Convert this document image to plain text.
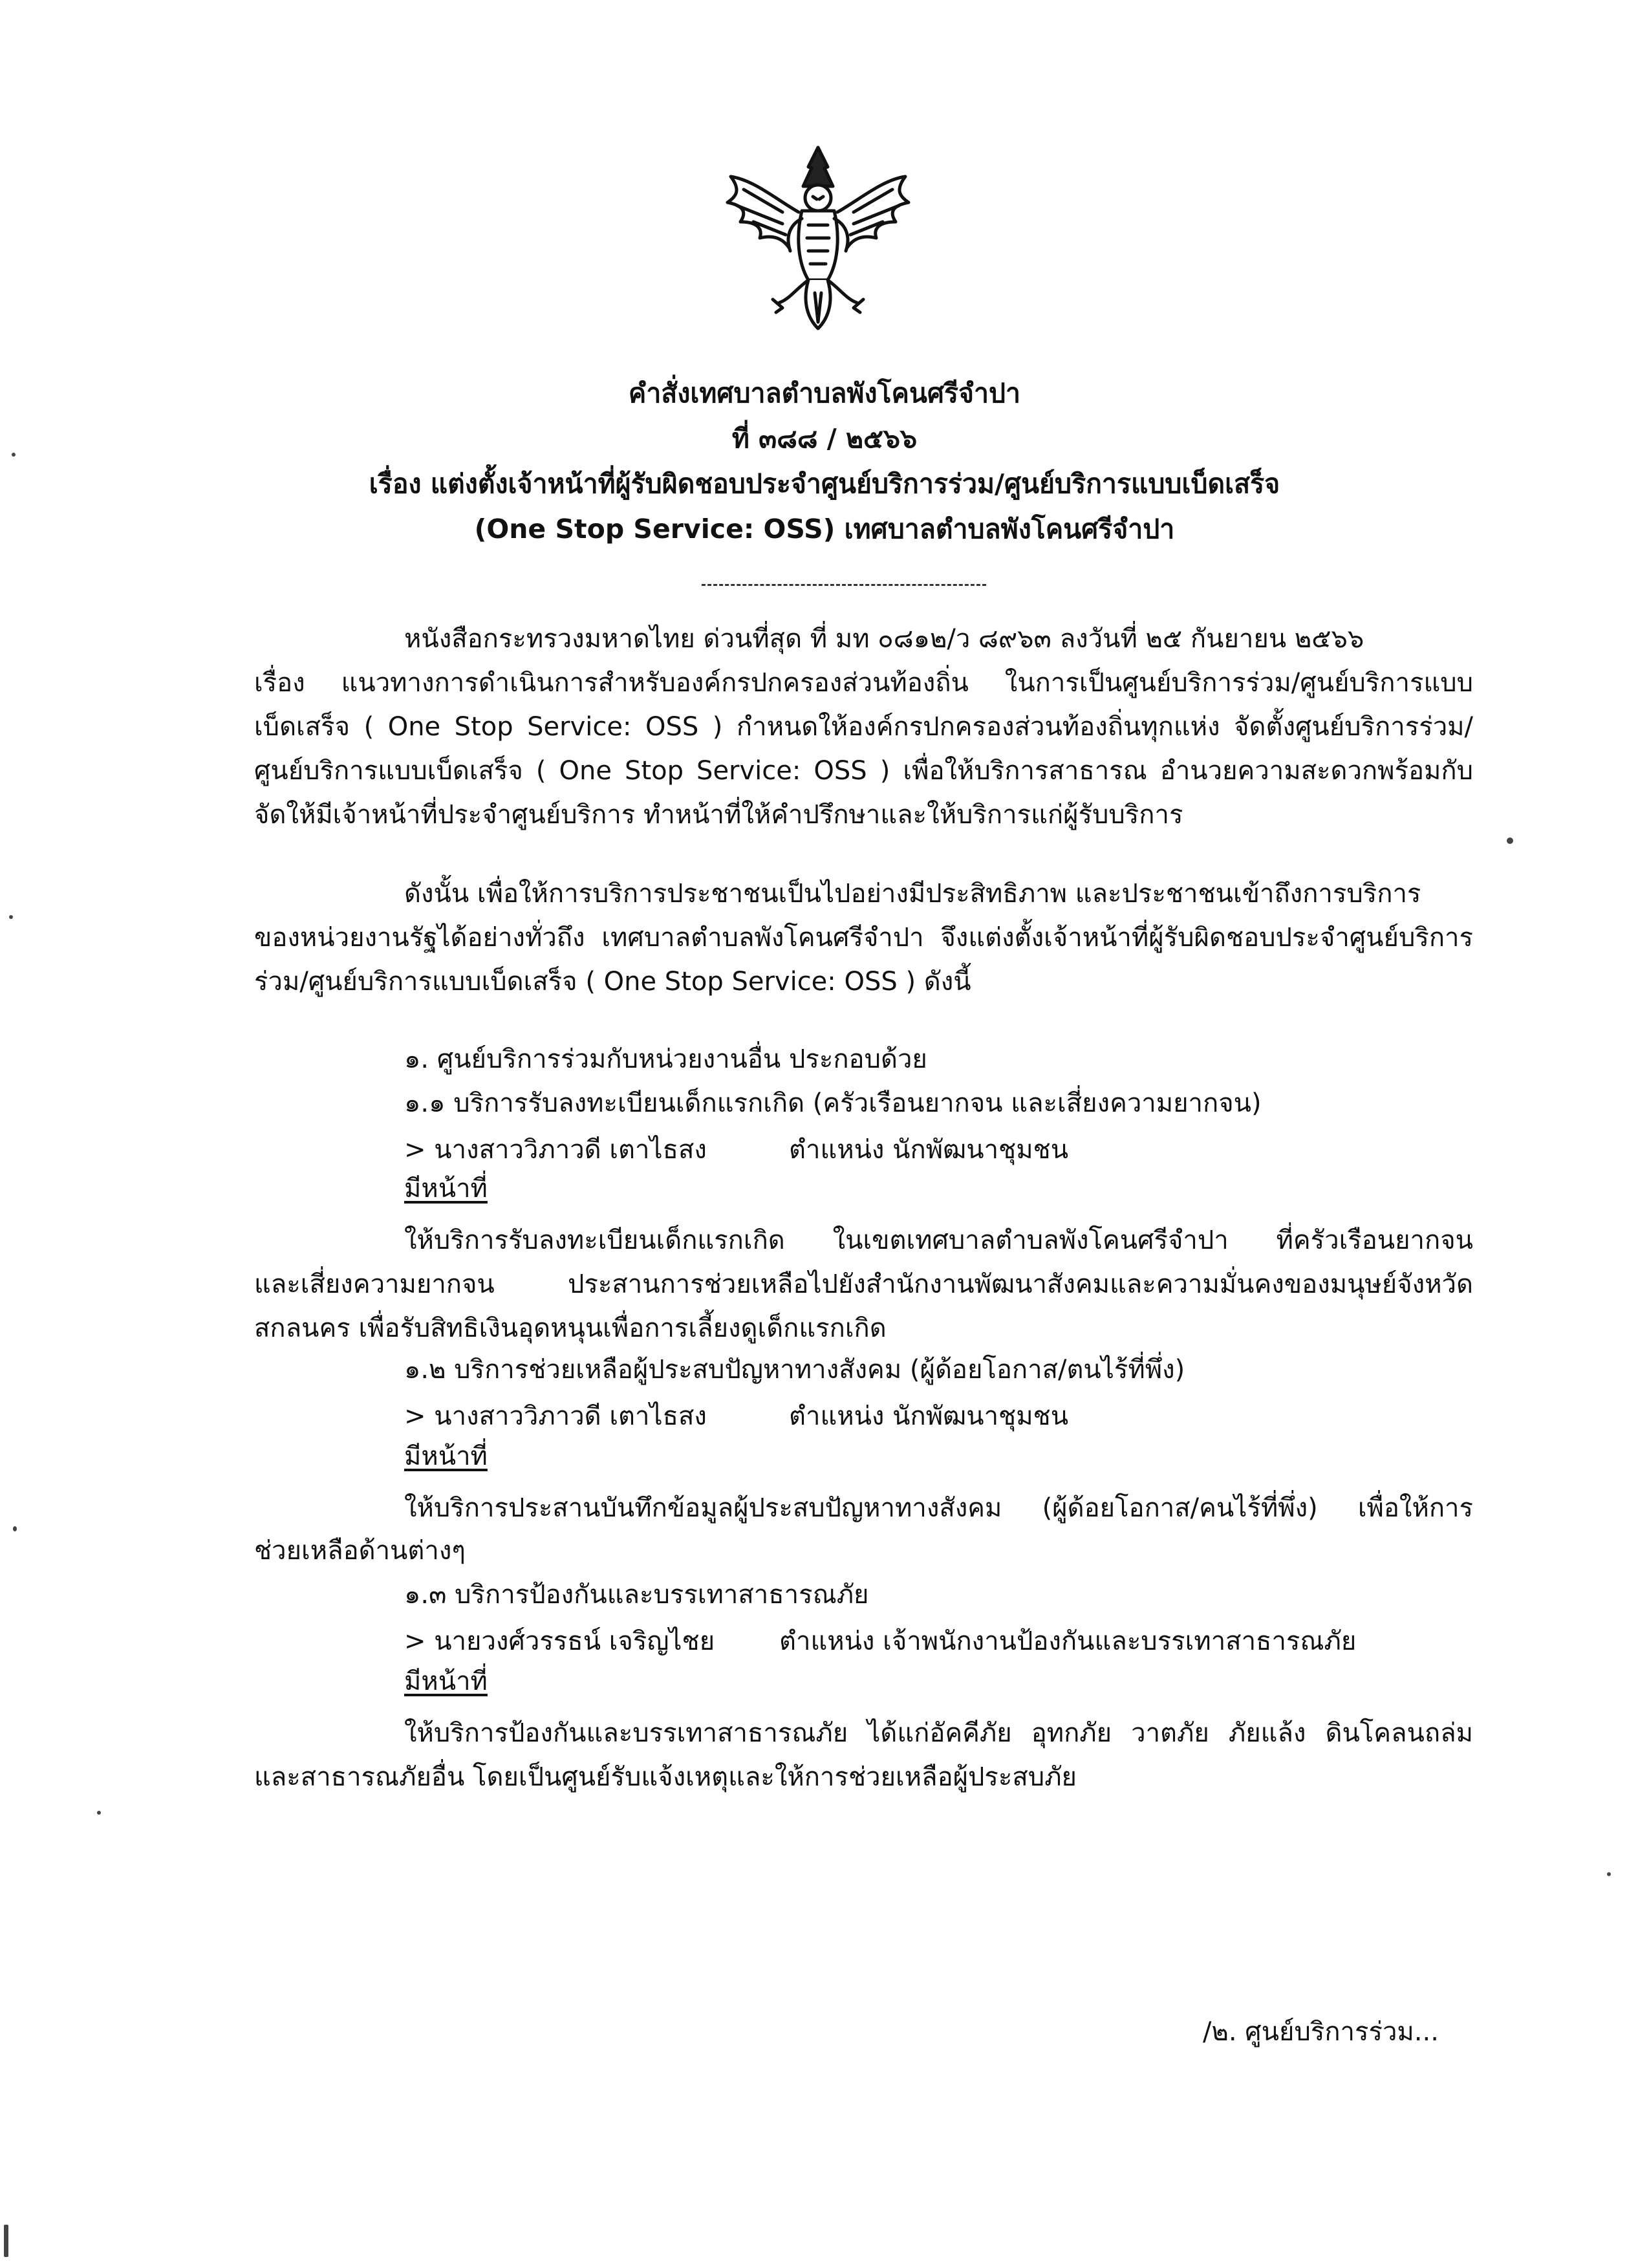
คำสั่งเทศบาลตำบลพังโคนศรีจำปา
ที่ ๓๘๘ / ๒๕๖๖
เรื่อง แต่งตั้งเจ้าหน้าที่ผู้รับผิดชอบประจำศูนย์บริการร่วม/ศูนย์บริการแบบเบ็ดเสร็จ
(One Stop Service: OSS) เทศบาลตำบลพังโคนศรีจำปา
หนังสือกระทรวงมหาดไทย ด่วนที่สุด ที่ มท ๐๘๑๒/ว ๘๙๖๓ ลงวันที่ ๒๕ กันยายน ๒๕๖๖
เรื่อง แนวทางการดำเนินการสำหรับองค์กรปกครองส่วนท้องถิ่น ในการเป็นศูนย์บริการร่วม/ศูนย์บริการแบบ
เบ็ดเสร็จ ( One Stop Service: OSS ) กำหนดให้องค์กรปกครองส่วนท้องถิ่นทุกแห่ง จัดตั้งศูนย์บริการร่วม/
ศูนย์บริการแบบเบ็ดเสร็จ ( One Stop Service: OSS ) เพื่อให้บริการสาธารณ อำนวยความสะดวกพร้อมกับ
จัดให้มีเจ้าหน้าที่ประจำศูนย์บริการ ทำหน้าที่ให้คำปรึกษาและให้บริการแก่ผู้รับบริการ
ดังนั้น เพื่อให้การบริการประชาชนเป็นไปอย่างมีประสิทธิภาพ และประชาชนเข้าถึงการบริการ
ของหน่วยงานรัฐได้อย่างทั่วถึง เทศบาลตำบลพังโคนศรีจำปา จึงแต่งตั้งเจ้าหน้าที่ผู้รับผิดชอบประจำศูนย์บริการ
ร่วม/ศูนย์บริการแบบเบ็ดเสร็จ ( One Stop Service: OSS ) ดังนี้
๑. ศูนย์บริการร่วมกับหน่วยงานอื่น ประกอบด้วย
๑.๑ บริการรับลงทะเบียนเด็กแรกเกิด (ครัวเรือนยากจน และเสี่ยงความยากจน)
> นางสาววิภาวดี เตาไธสง	ตำแหน่ง นักพัฒนาชุมชน
มีหน้าที่
ให้บริการรับลงทะเบียนเด็กแรกเกิด ในเขตเทศบาลตำบลพังโคนศรีจำปา ที่ครัวเรือนยากจน
และเสี่ยงความยากจน ประสานการช่วยเหลือไปยังสำนักงานพัฒนาสังคมและความมั่นคงของมนุษย์จังหวัด
สกลนคร เพื่อรับสิทธิเงินอุดหนุนเพื่อการเลี้ยงดูเด็กแรกเกิด
๑.๒ บริการช่วยเหลือผู้ประสบปัญหาทางสังคม (ผู้ด้อยโอกาส/ตนไร้ที่พึ่ง)
> นางสาววิภาวดี เตาไธสง	ตำแหน่ง นักพัฒนาชุมชน
มีหน้าที่
ให้บริการประสานบันทึกข้อมูลผู้ประสบปัญหาทางสังคม (ผู้ด้อยโอกาส/คนไร้ที่พึ่ง) เพื่อให้การ
ช่วยเหลือด้านต่างๆ
๑.๓ บริการป้องกันและบรรเทาสาธารณภัย
> นายวงศ์วรรธน์ เจริญไชย ตำแหน่ง เจ้าพนักงานป้องกันและบรรเทาสาธารณภัย
มีหน้าที่
ให้บริการป้องกันและบรรเทาสาธารณภัย ได้แก่อัคคีภัย อุทกภัย วาตภัย ภัยแล้ง ดินโคลนถล่ม
และสาธารณภัยอื่น โดยเป็นศูนย์รับแจ้งเหตุและให้การช่วยเหลือผู้ประสบภัย
/๒. ศูนย์บริการร่วม...
